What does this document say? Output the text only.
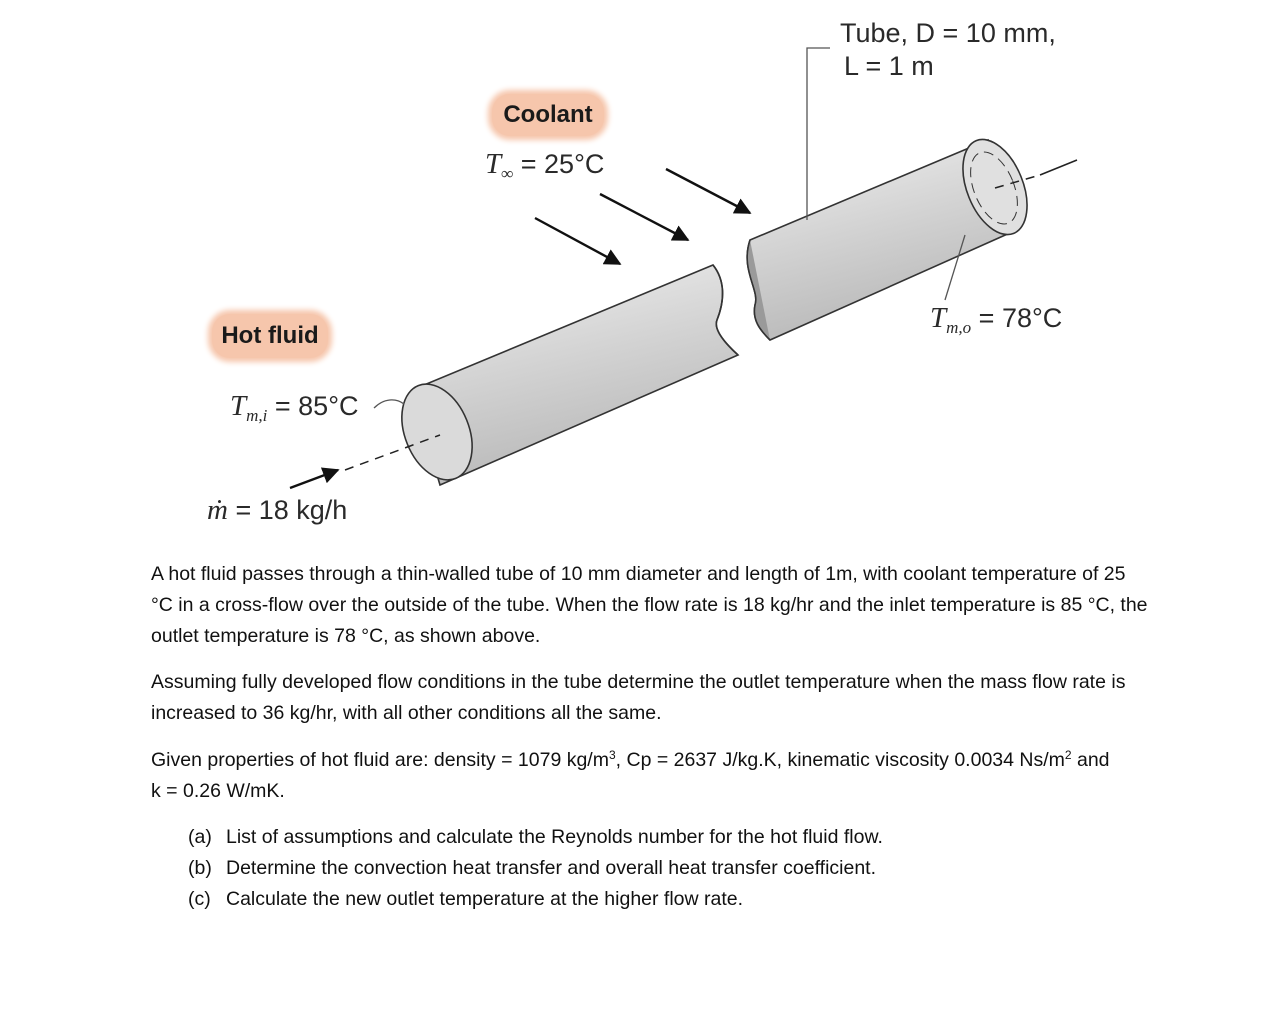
Tube, D = 10 mm,
L = 1 m
Coolant
$T_\infty = 25^\circ C$
Hot fluid
$T_{m,i} = 85^\circ C$
$T_{m,o} = 78^\circ C$
ṁ = 18 kg/h

A hot fluid passes through a thin-walled tube of 10 mm diameter and length of 1m, with coolant temperature of 25 °C in a cross-flow over the outside of the tube. When the flow rate is 18 kg/hr and the inlet temperature is 85 °C, the outlet temperature is 78 °C, as shown above.

Assuming fully developed flow conditions in the tube determine the outlet temperature when the mass flow rate is increased to 36 kg/hr, with all other conditions all the same.

Given properties of hot fluid are: density = 1079 $kg/m^3$, Cp = 2637 J/kg.K, kinematic viscosity 0.0034 $Ns/m^2$ and k = 0.26 W/mK.

(a) List of assumptions and calculate the Reynolds number for the hot fluid flow.
(b) Determine the convection heat transfer and overall heat transfer coefficient.
(c) Calculate the new outlet temperature at the higher flow rate.
